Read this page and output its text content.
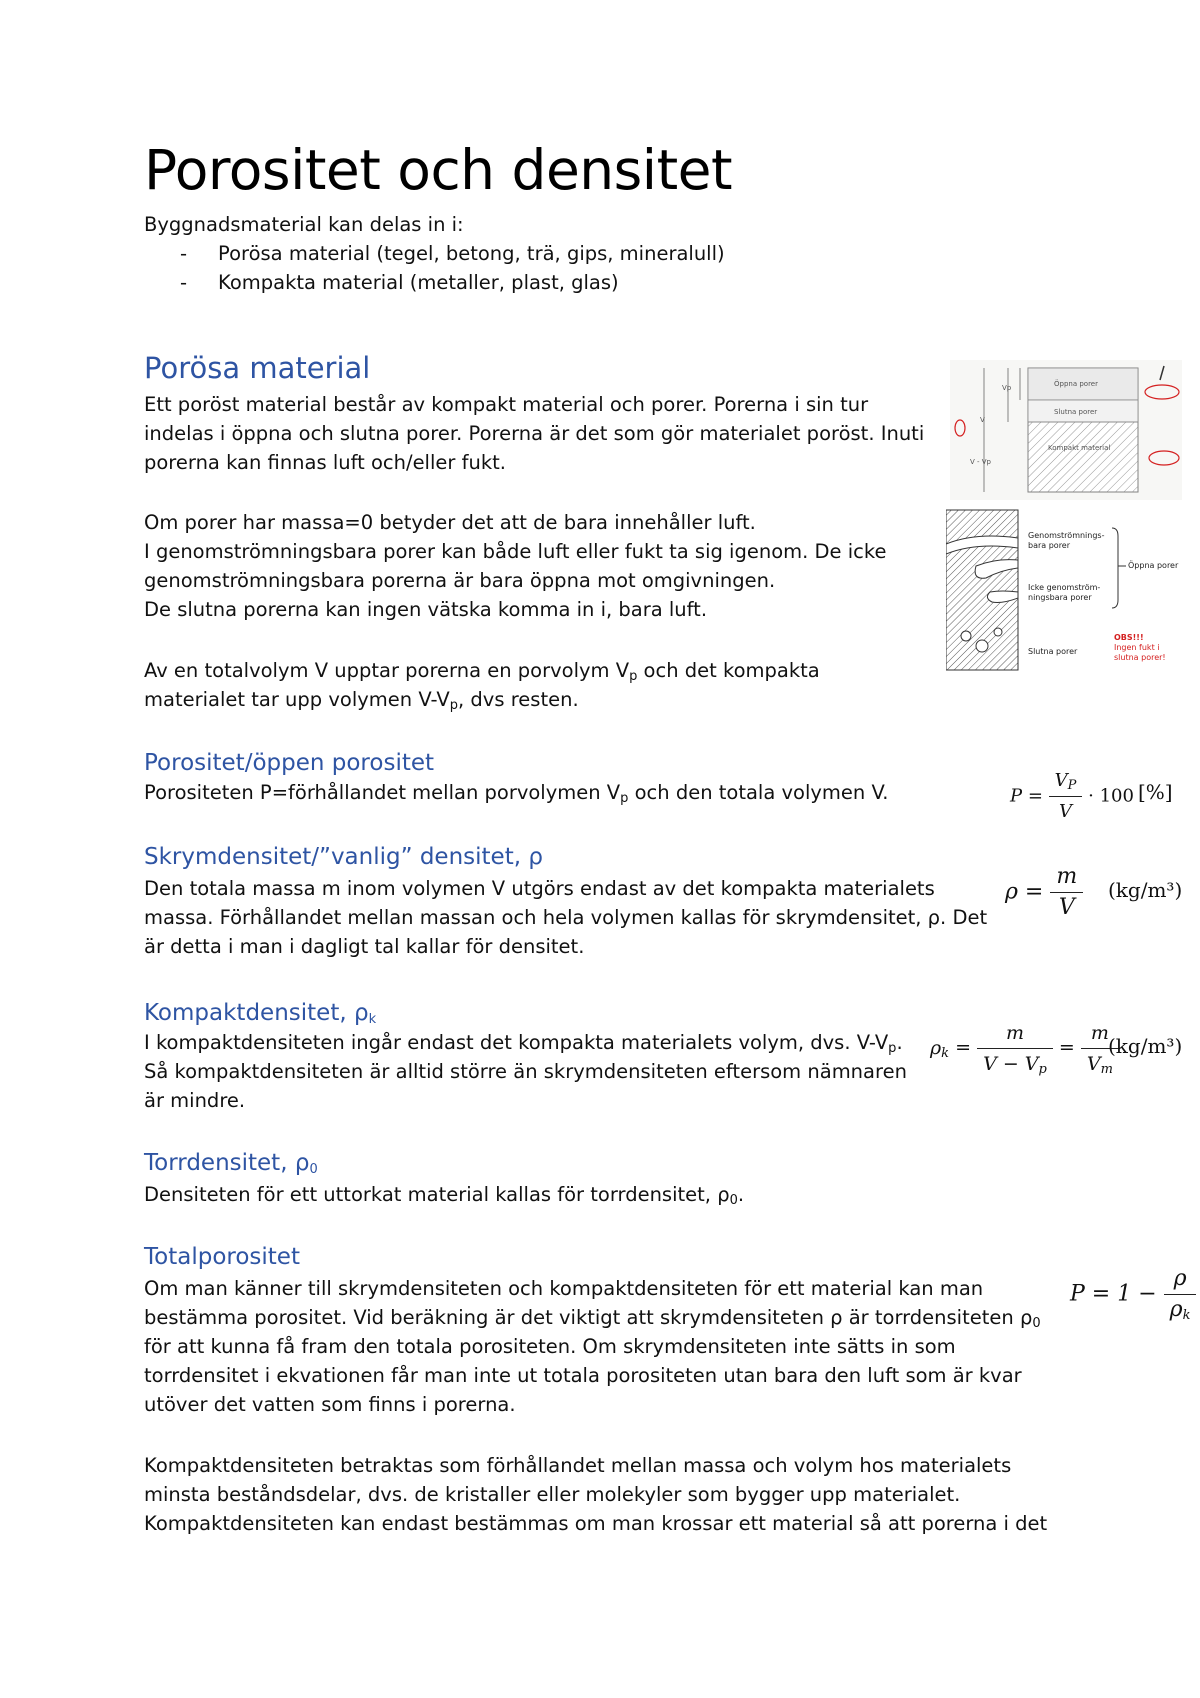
Porositet och densitet
Byggnadsmaterial kan delas in i:
- Porösa material (tegel, betong, trä, gips, mineralull)
- Kompakta material (metaller, plast, glas)
Porösa material
Ett poröst material består av kompakt material och porer. Porerna i sin tur
indelas i öppna och slutna porer. Porerna är det som gör materialet poröst. Inuti
porerna kan finnas luft och/eller fukt.
Om porer har massa=0 betyder det att de bara innehåller luft.
I genomströmningsbara porer kan både luft eller fukt ta sig igenom. De icke
genomströmningsbara porerna är bara öppna mot omgivningen.
De slutna porerna kan ingen vätska komma in i, bara luft.
Av en totalvolym V upptar porerna en porvolym $V_p$ och det kompakta
materialet tar upp volymen $V-V_p$, dvs resten.
Öppna porer
Slutna porer
Kompakt material
V
Vp
V - Vp
Genomströmnings-
bara porer
Icke genomström-
ningsbara porer
Öppna porer
Slutna porer
OBS!!!
Ingen fukt i
slutna porer!
Porositet/öppen porositet
Porositeten P=förhållandet mellan porvolymen $V_p$ och den totala volymen V.	$P = \frac{V_P}{V} \cdot 100$ [%]
Skrymdensitet/”vanlig” densitet, ρ
Den totala massa m inom volymen V utgörs endast av det kompakta materialets
massa. Förhållandet mellan massan och hela volymen kallas för skrymdensitet, ρ. Det
är detta i man i dagligt tal kallar för densitet.
$\rho = \frac{m}{V} (kg/m^3)$
Kompaktdensitet, $\rho_k$
I kompaktdensiteten ingår endast det kompakta materialets volym, dvs. $V-V_p$.
Så kompaktdensiteten är alltid större än skrymdensiteten eftersom nämnaren
är mindre.
$\rho_k = \frac{m}{V - V_p} = \frac{m}{V_m}$
(kg/m³)
Torrdensitet, $\rho_0$
Densiteten för ett uttorkat material kallas för torrdensitet, $\rho_0$.
Totalporositet
Om man känner till skrymdensiteten och kompaktdensiteten för ett material kan man
bestämma porositet. Vid beräkning är det viktigt att skrymdensiteten ρ är torrdensiteten $\rho_0$
för att kunna få fram den totala porositeten. Om skrymdensiteten inte sätts in som
torrdensitet i ekvationen får man inte ut totala porositeten utan bara den luft som är kvar
utöver det vatten som finns i porerna.
$P = 1 - \frac{\rho}{\rho_k}$
Kompaktdensiteten betraktas som förhållandet mellan massa och volym hos materialets
minsta beståndsdelar, dvs. de kristaller eller molekyler som bygger upp materialet.
Kompaktdensiteten kan endast bestämmas om man krossar ett material så att porerna i det
